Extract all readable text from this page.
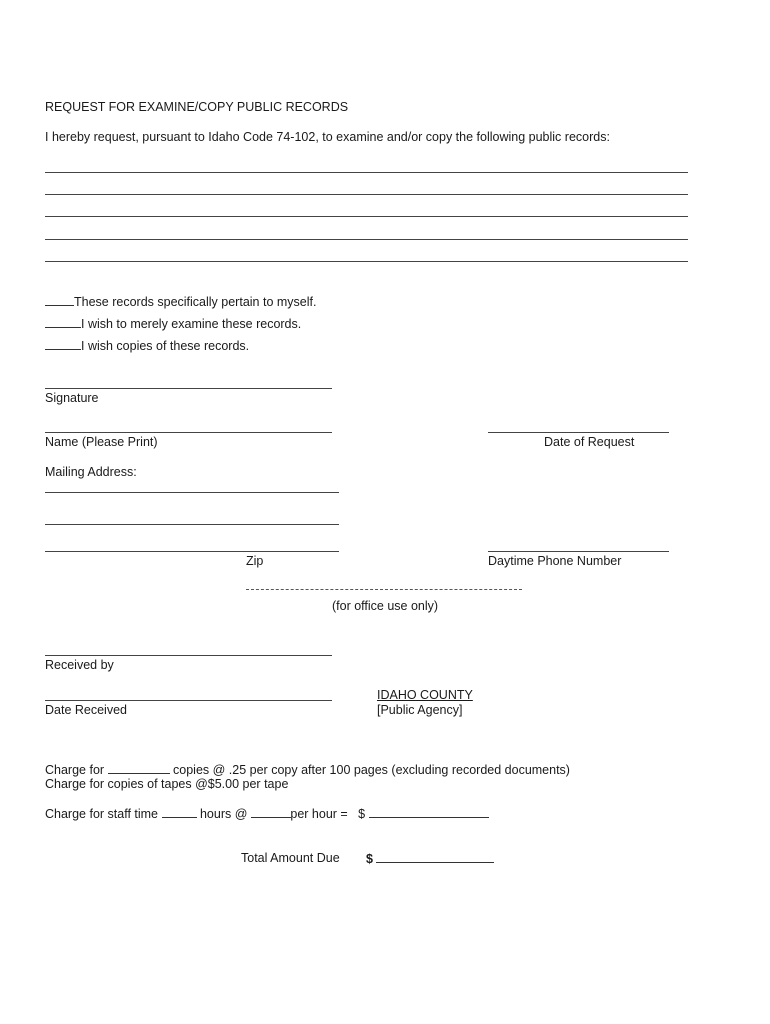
REQUEST FOR EXAMINE/COPY PUBLIC RECORDS
I hereby request, pursuant to Idaho Code 74-102, to examine and/or copy the following public records:
These records specifically pertain to myself.
I wish to merely examine these records.
I wish copies of these records.
Signature
Name (Please Print)	Date of Request
Mailing Address:
Zip	Daytime Phone Number
(for office use only)
Received by
IDAHO COUNTY
Date Received	[Public Agency]
Charge for	copies @ .25 per copy after 100 pages (excluding recorded documents)
Charge for copies of tapes @$5.00 per tape
Charge for staff time	hours @	per hour = $
Total Amount Due $
